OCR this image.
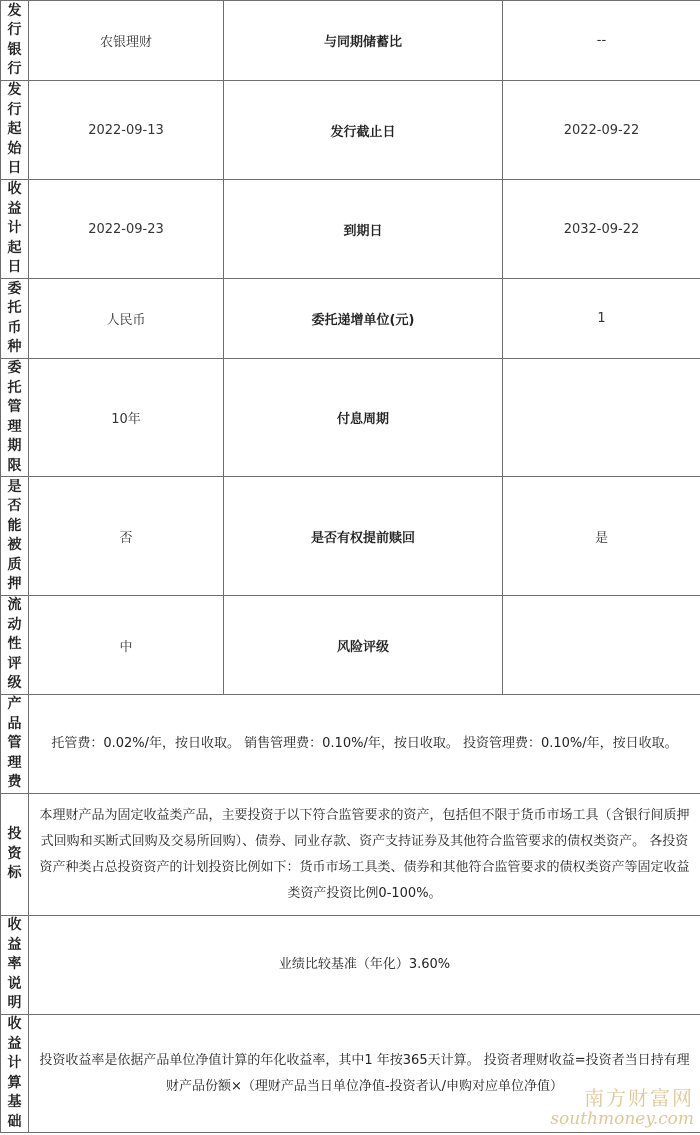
发行银行	农银理财	与同期储蓄比	--
发行起始日	2022-09-13	发行截止日	2022-09-22
收益计起日	2022-09-23	到期日	2032-09-22
委托币种	人民币	委托递增单位(元)	1
委托管理期限	10年	付息周期	
是否能被质押	否	是否有权提前赎回	是
流动性评级	中	风险评级	
产品管理费	托管费：0.02%/年，按日收取。 销售管理费：0.10%/年，按日收取。 投资管理费：0.10%/年，按日收取。		
投资标	本理财产品为固定收益类产品，主要投资于以下符合监管要求的资产，包括但不限于货币市场工具（含银行间质押式回购和买断式回购及交易所回购）、债券、同业存款、资产支持证券及其他符合监管要求的债权类资产。 各投资资产种类占总投资资产的计划投资比例如下：货币市场工具类、债券和其他符合监管要求的债权类资产等固定收益类资产投资比例0-100%。		
收益率说明	业绩比较基准（年化）3.60%		
收益计算基础	投资收益率是依据产品单位净值计算的年化收益率，其中1 年按365天计算。 投资者理财收益=投资者当日持有理财产品份额×（理财产品当日单位净值-投资者认/申购对应单位净值）			南方财富网
southmoney.com
